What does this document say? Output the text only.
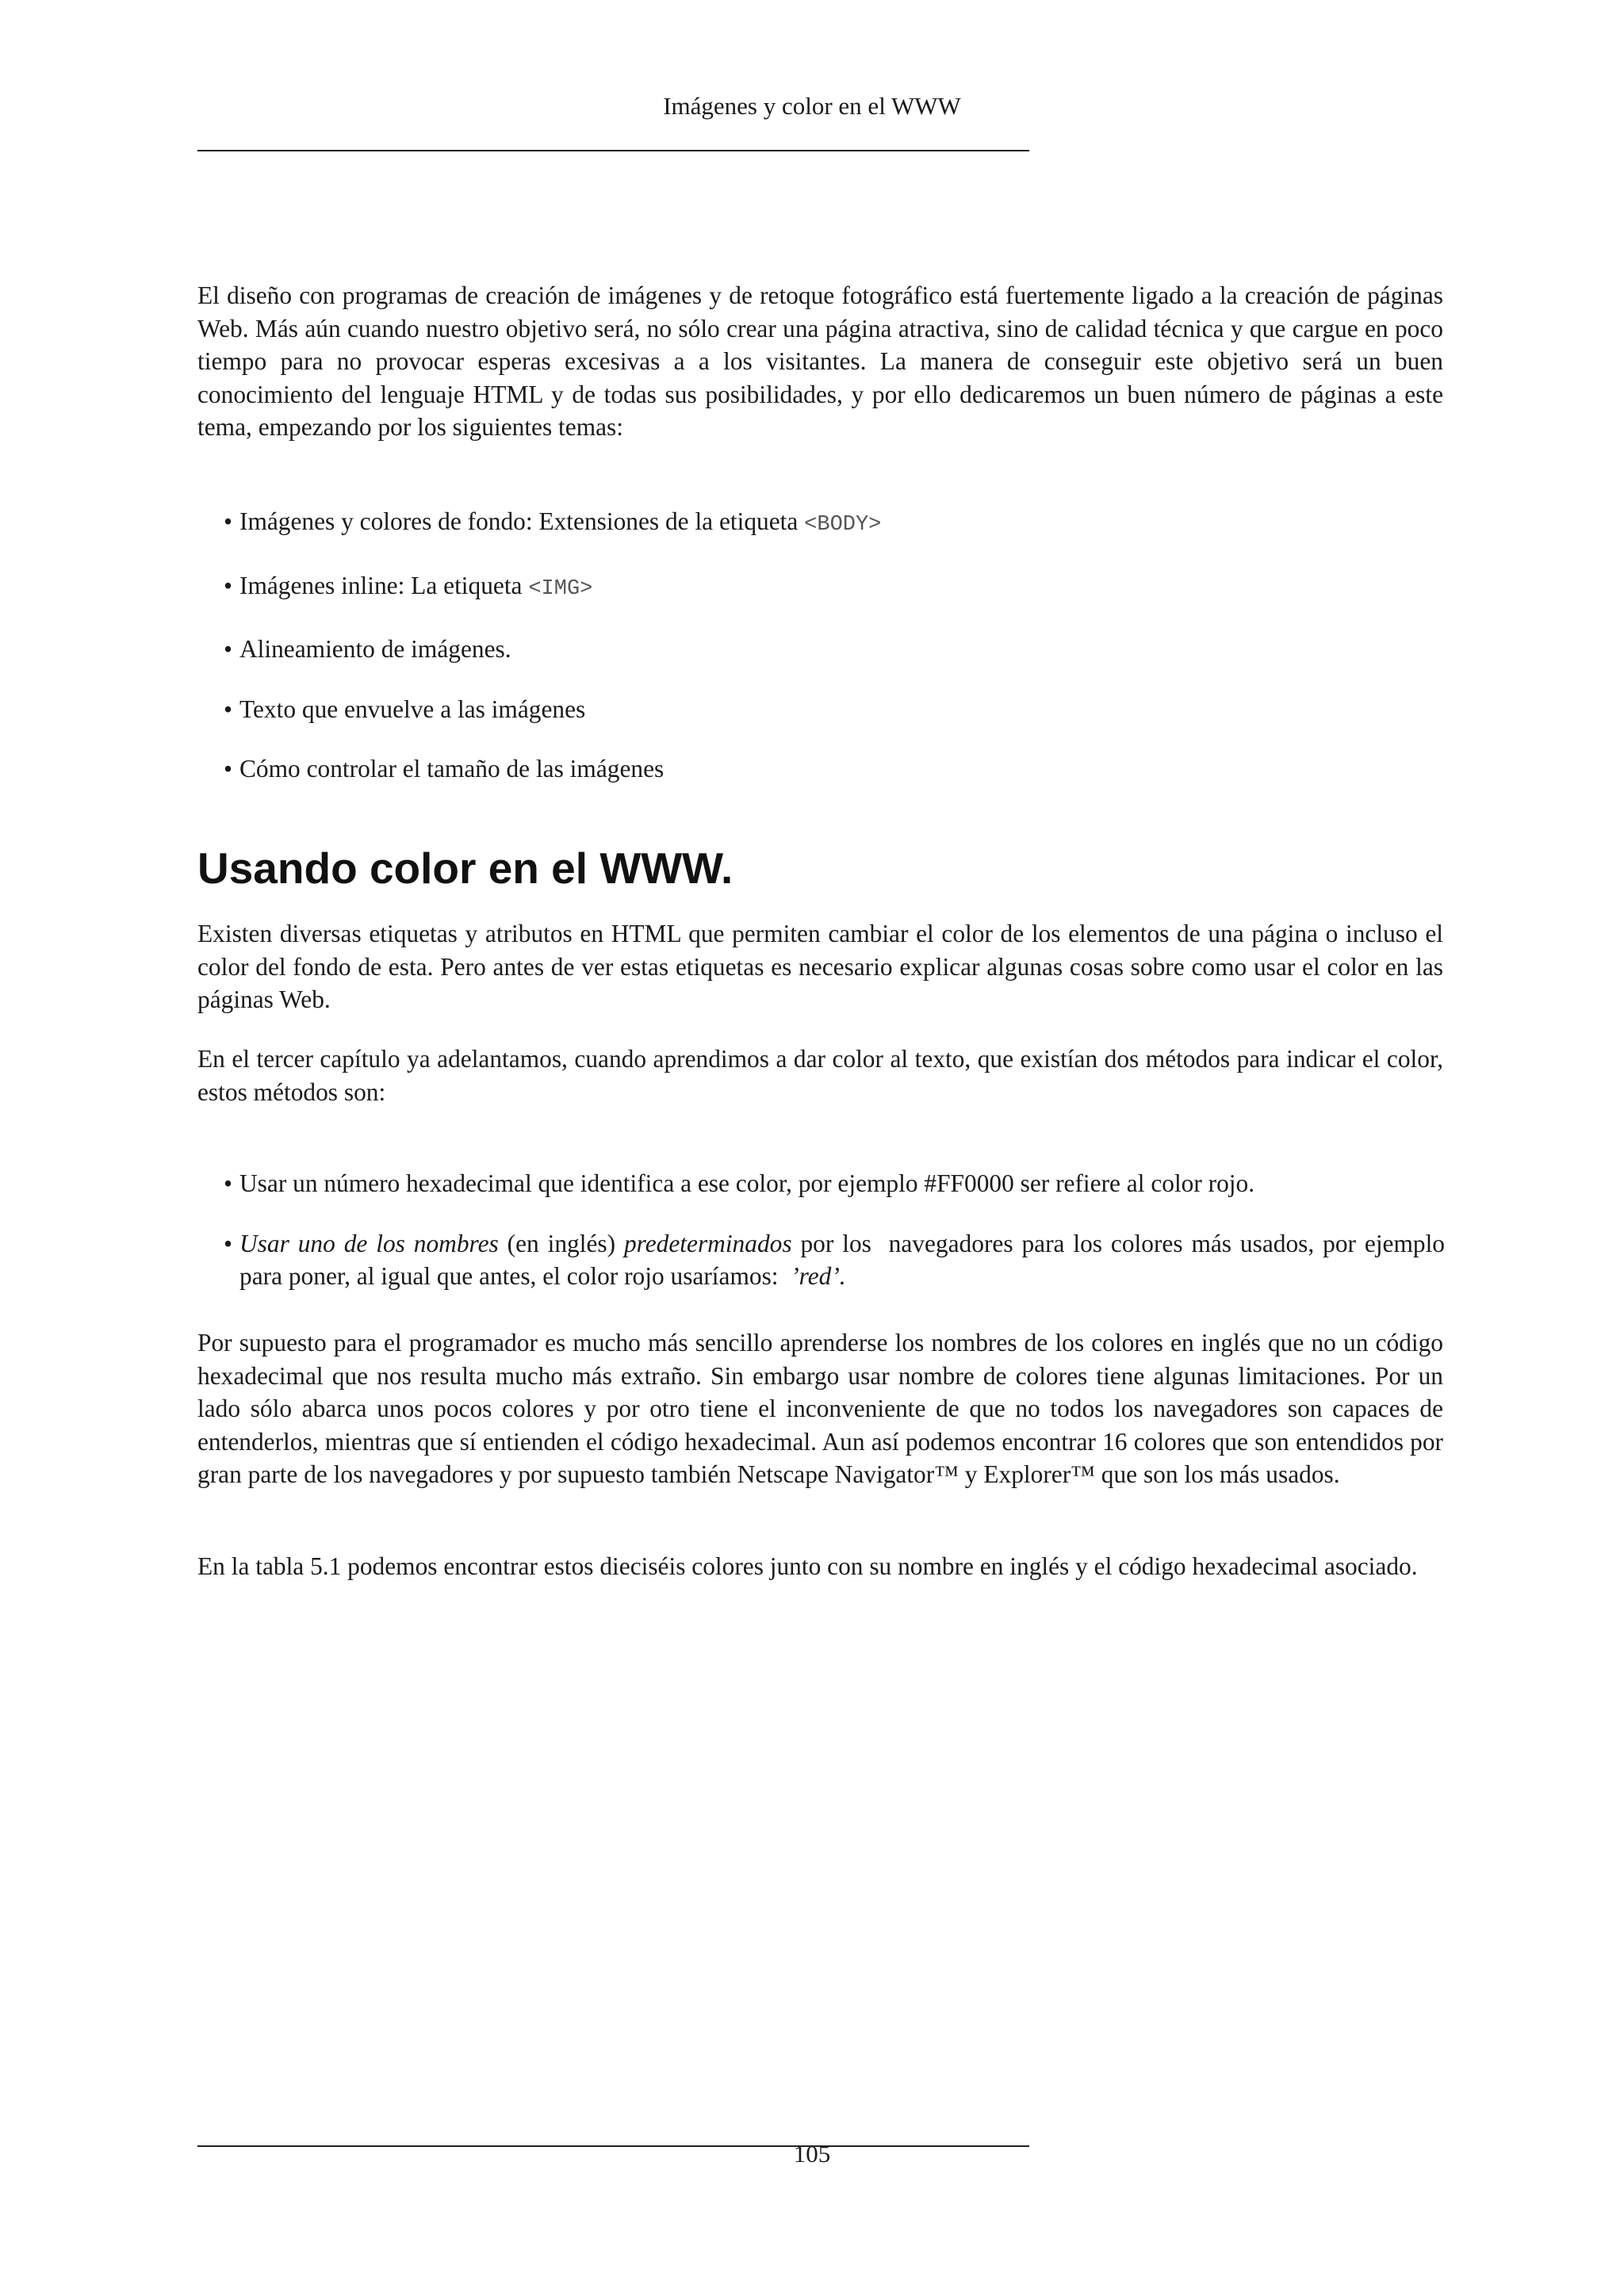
Imágenes y color en el WWW

El diseño con programas de creación de imágenes y de retoque fotográfico está fuertemente ligado a la creación de páginas Web. Más aún cuando nuestro objetivo será, no sólo crear una página atractiva, sino de calidad técnica y que cargue en poco tiempo para no provocar esperas excesivas a a los visitantes. La manera de conseguir este objetivo será un buen conocimiento del lenguaje HTML y de todas sus posibilidades, y por ello dedicaremos un buen número de páginas a este tema, empezando por los siguientes temas:

• Imágenes y colores de fondo: Extensiones de la etiqueta <BODY>
• Imágenes inline: La etiqueta <IMG>
• Alineamiento de imágenes.
• Texto que envuelve a las imágenes
• Cómo controlar el tamaño de las imágenes
Usando color en el WWW.

Existen diversas etiquetas y atributos en HTML que permiten cambiar el color de los elementos de una página o incluso el color del fondo de esta. Pero antes de ver estas etiquetas es necesario explicar algunas cosas sobre como usar el color en las páginas Web.

En el tercer capítulo ya adelantamos, cuando aprendimos a dar color al texto, que existían dos métodos para indicar el color, estos métodos son:

• Usar un número hexadecimal que identifica a ese color, por ejemplo #FF0000 ser refiere al color rojo.
• Usar uno de los nombres (en inglés) predeterminados por los  navegadores para los colores más usados, por ejemplo para poner, al igual que antes, el color rojo usaríamos:  ’red’.

Por supuesto para el programador es mucho más sencillo aprenderse los nombres de los colores en inglés que no un código hexadecimal que nos resulta mucho más extraño. Sin embargo usar nombre de colores tiene algunas limitaciones. Por un lado sólo abarca unos pocos colores y por otro tiene el inconveniente de que no todos los navegadores son capaces de entenderlos, mientras que sí entienden el código hexadecimal. Aun así podemos encontrar 16 colores que son entendidos por gran parte de los navegadores y por supuesto también Netscape Navigator™ y Explorer™ que son los más usados.

En la tabla 5.1 podemos encontrar estos dieciséis colores junto con su nombre en inglés y el código hexadecimal asociado.

105
